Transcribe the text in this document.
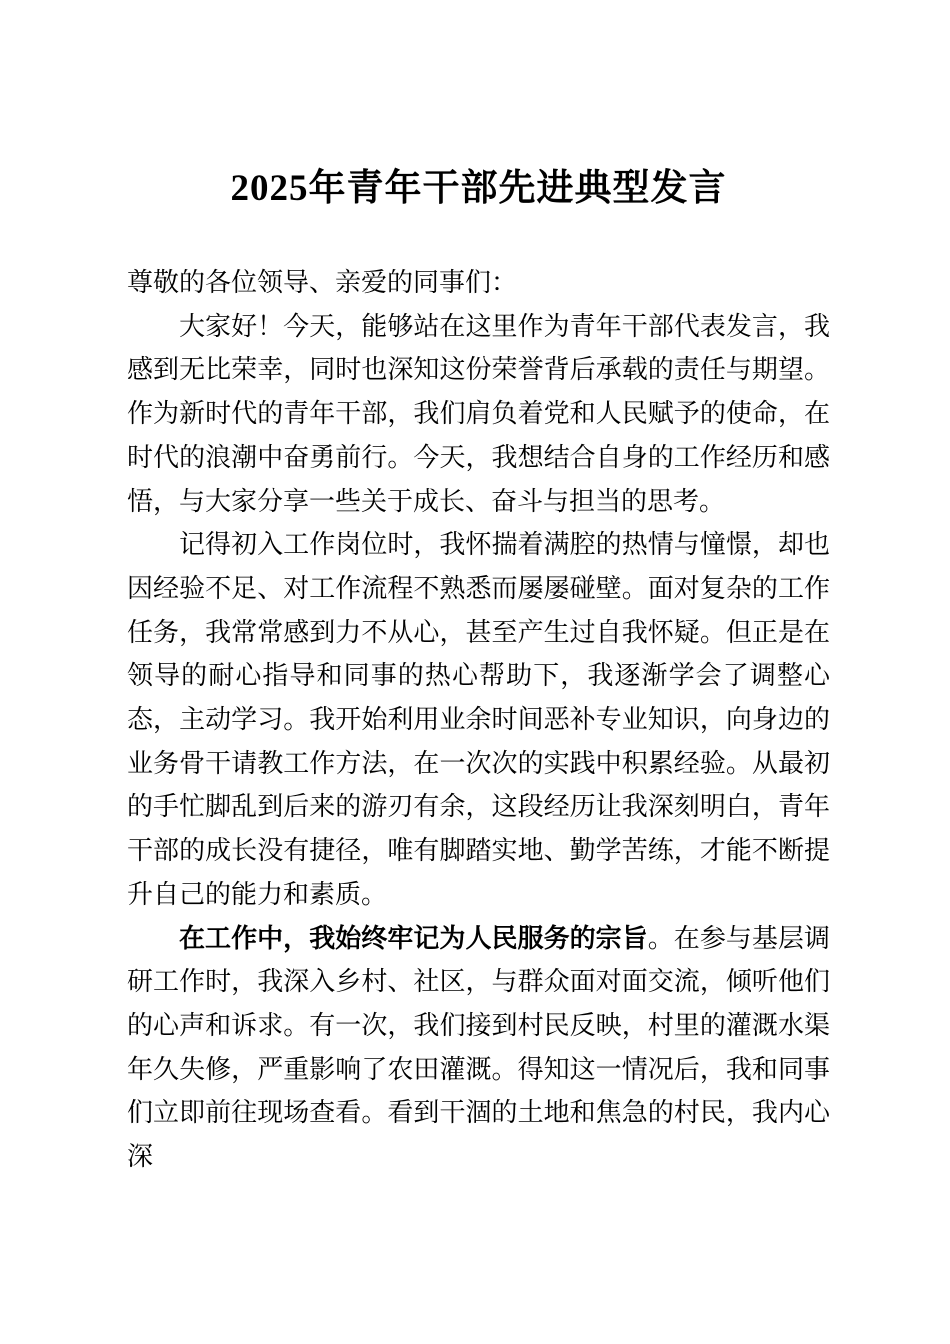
2025年青年干部先进典型发言

尊敬的各位领导、亲爱的同事们：

大家好！今天，能够站在这里作为青年干部代表发言，我感到无比荣幸，同时也深知这份荣誉背后承载的责任与期望。作为新时代的青年干部，我们肩负着党和人民赋予的使命，在时代的浪潮中奋勇前行。今天，我想结合自身的工作经历和感悟，与大家分享一些关于成长、奋斗与担当的思考。

记得初入工作岗位时，我怀揣着满腔的热情与憧憬，却也因经验不足、对工作流程不熟悉而屡屡碰壁。面对复杂的工作任务，我常常感到力不从心，甚至产生过自我怀疑。但正是在领导的耐心指导和同事的热心帮助下，我逐渐学会了调整心态，主动学习。我开始利用业余时间恶补专业知识，向身边的业务骨干请教工作方法，在一次次的实践中积累经验。从最初的手忙脚乱到后来的游刃有余，这段经历让我深刻明白，青年干部的成长没有捷径，唯有脚踏实地、勤学苦练，才能不断提升自己的能力和素质。

在工作中，我始终牢记为人民服务的宗旨。在参与基层调研工作时，我深入乡村、社区，与群众面对面交流，倾听他们的心声和诉求。有一次，我们接到村民反映，村里的灌溉水渠年久失修，严重影响了农田灌溉。得知这一情况后，我和同事们立即前往现场查看。看到干涸的土地和焦急的村民，我内心深
